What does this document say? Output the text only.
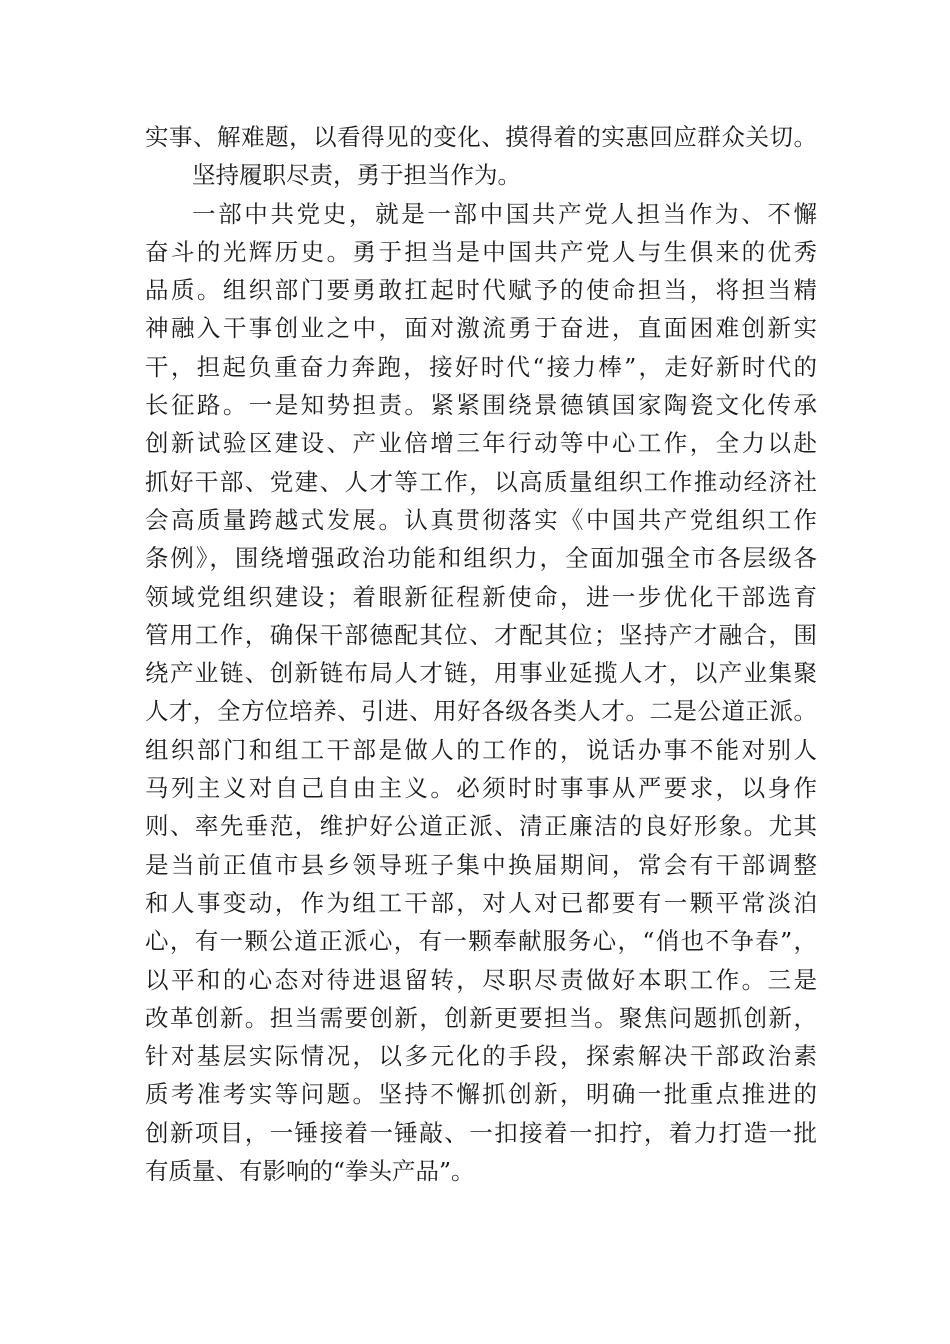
实事、解难题，以看得见的变化、摸得着的实惠回应群众关切。
坚持履职尽责，勇于担当作为。
一部中共党史，就是一部中国共产党人担当作为、不懈
奋斗的光辉历史。勇于担当是中国共产党人与生俱来的优秀
品质。组织部门要勇敢扛起时代赋予的使命担当，将担当精
神融入干事创业之中，面对激流勇于奋进，直面困难创新实
干，担起负重奋力奔跑，接好时代“接力棒”，走好新时代的
长征路。一是知势担责。紧紧围绕景德镇国家陶瓷文化传承
创新试验区建设、产业倍增三年行动等中心工作，全力以赴
抓好干部、党建、人才等工作，以高质量组织工作推动经济社
会高质量跨越式发展。认真贯彻落实《中国共产党组织工作
条例》，围绕增强政治功能和组织力，全面加强全市各层级各
领域党组织建设；着眼新征程新使命，进一步优化干部选育
管用工作，确保干部德配其位、才配其位；坚持产才融合，围
绕产业链、创新链布局人才链，用事业延揽人才，以产业集聚
人才，全方位培养、引进、用好各级各类人才。二是公道正派。
组织部门和组工干部是做人的工作的，说话办事不能对别人
马列主义对自己自由主义。必须时时事事从严要求，以身作
则、率先垂范，维护好公道正派、清正廉洁的良好形象。尤其
是当前正值市县乡领导班子集中换届期间，常会有干部调整
和人事变动，作为组工干部，对人对已都要有一颗平常淡泊
心，有一颗公道正派心，有一颗奉献服务心，“俏也不争春”，
以平和的心态对待进退留转，尽职尽责做好本职工作。三是
改革创新。担当需要创新，创新更要担当。聚焦问题抓创新，
针对基层实际情况，以多元化的手段，探索解决干部政治素
质考准考实等问题。坚持不懈抓创新，明确一批重点推进的
创新项目，一锤接着一锤敲、一扣接着一扣拧，着力打造一批
有质量、有影响的“拳头产品”。
